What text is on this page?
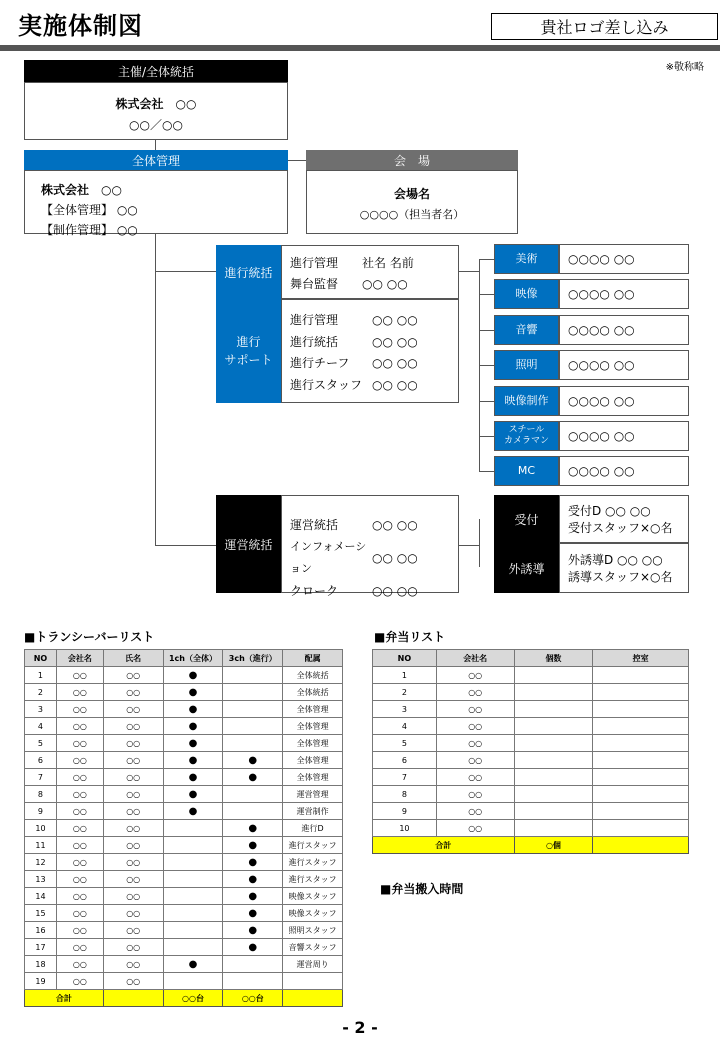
実施体制図	貴社ロゴ差し込み
※敬称略
主催/全体統括
株式会社　○○
○○／○○
全体管理
株式会社　○○
【全体管理】 ○○
【制作管理】 ○○
会　場
会場名
○○○○（担当者名）
進行統括
進行管理	社名 名前
舞台監督	○○ ○○
進行
サポート
進行管理	○○ ○○
進行統括	○○ ○○
進行チーフ	○○ ○○
進行スタッフ ○○ ○○
美術	○○○○ ○○
映像	○○○○ ○○
音響	○○○○ ○○
照明	○○○○ ○○
映像制作	○○○○ ○○
スチール
カメラマン	○○○○ ○○
MC	○○○○ ○○
運営統括
運営統括	○○ ○○
インフォメーション
○○ ○○
クローク	○○ ○○
受付
受付D ○○ ○○
受付スタッフ×○名
外誘導
外誘導D ○○ ○○
誘導スタッフ×○名
■トランシーバーリスト
NO	会社名	氏名	1ch（全体）	3ch（進行）	配属
1	○○	○○	●		全体統括
2	○○	○○	●		全体統括
3	○○	○○	●		全体管理
4	○○	○○	●		全体管理
5	○○	○○	●		全体管理
6	○○	○○	●	●	全体管理
7	○○	○○	●	●	全体管理
8	○○	○○	●		運営管理
9	○○	○○	●		運営制作
10	○○	○○		●	進行D
11	○○	○○		●	進行スタッフ
12	○○	○○		●	進行スタッフ
13	○○	○○		●	進行スタッフ
14	○○	○○		●	映像スタッフ
15	○○	○○		●	映像スタッフ
16	○○	○○		●	照明スタッフ
17	○○	○○		●	音響スタッフ
18	○○	○○	●		運営周り
19	○○	○○			
合計			○○台	○○台	
■弁当リスト
NO	会社名	個数	控室
1	○○		
2	○○		
3	○○		
4	○○		
5	○○		
6	○○		
7	○○		
8	○○		
9	○○		
10	○○		
合計		○個	
■弁当搬入時間
- 2 -
